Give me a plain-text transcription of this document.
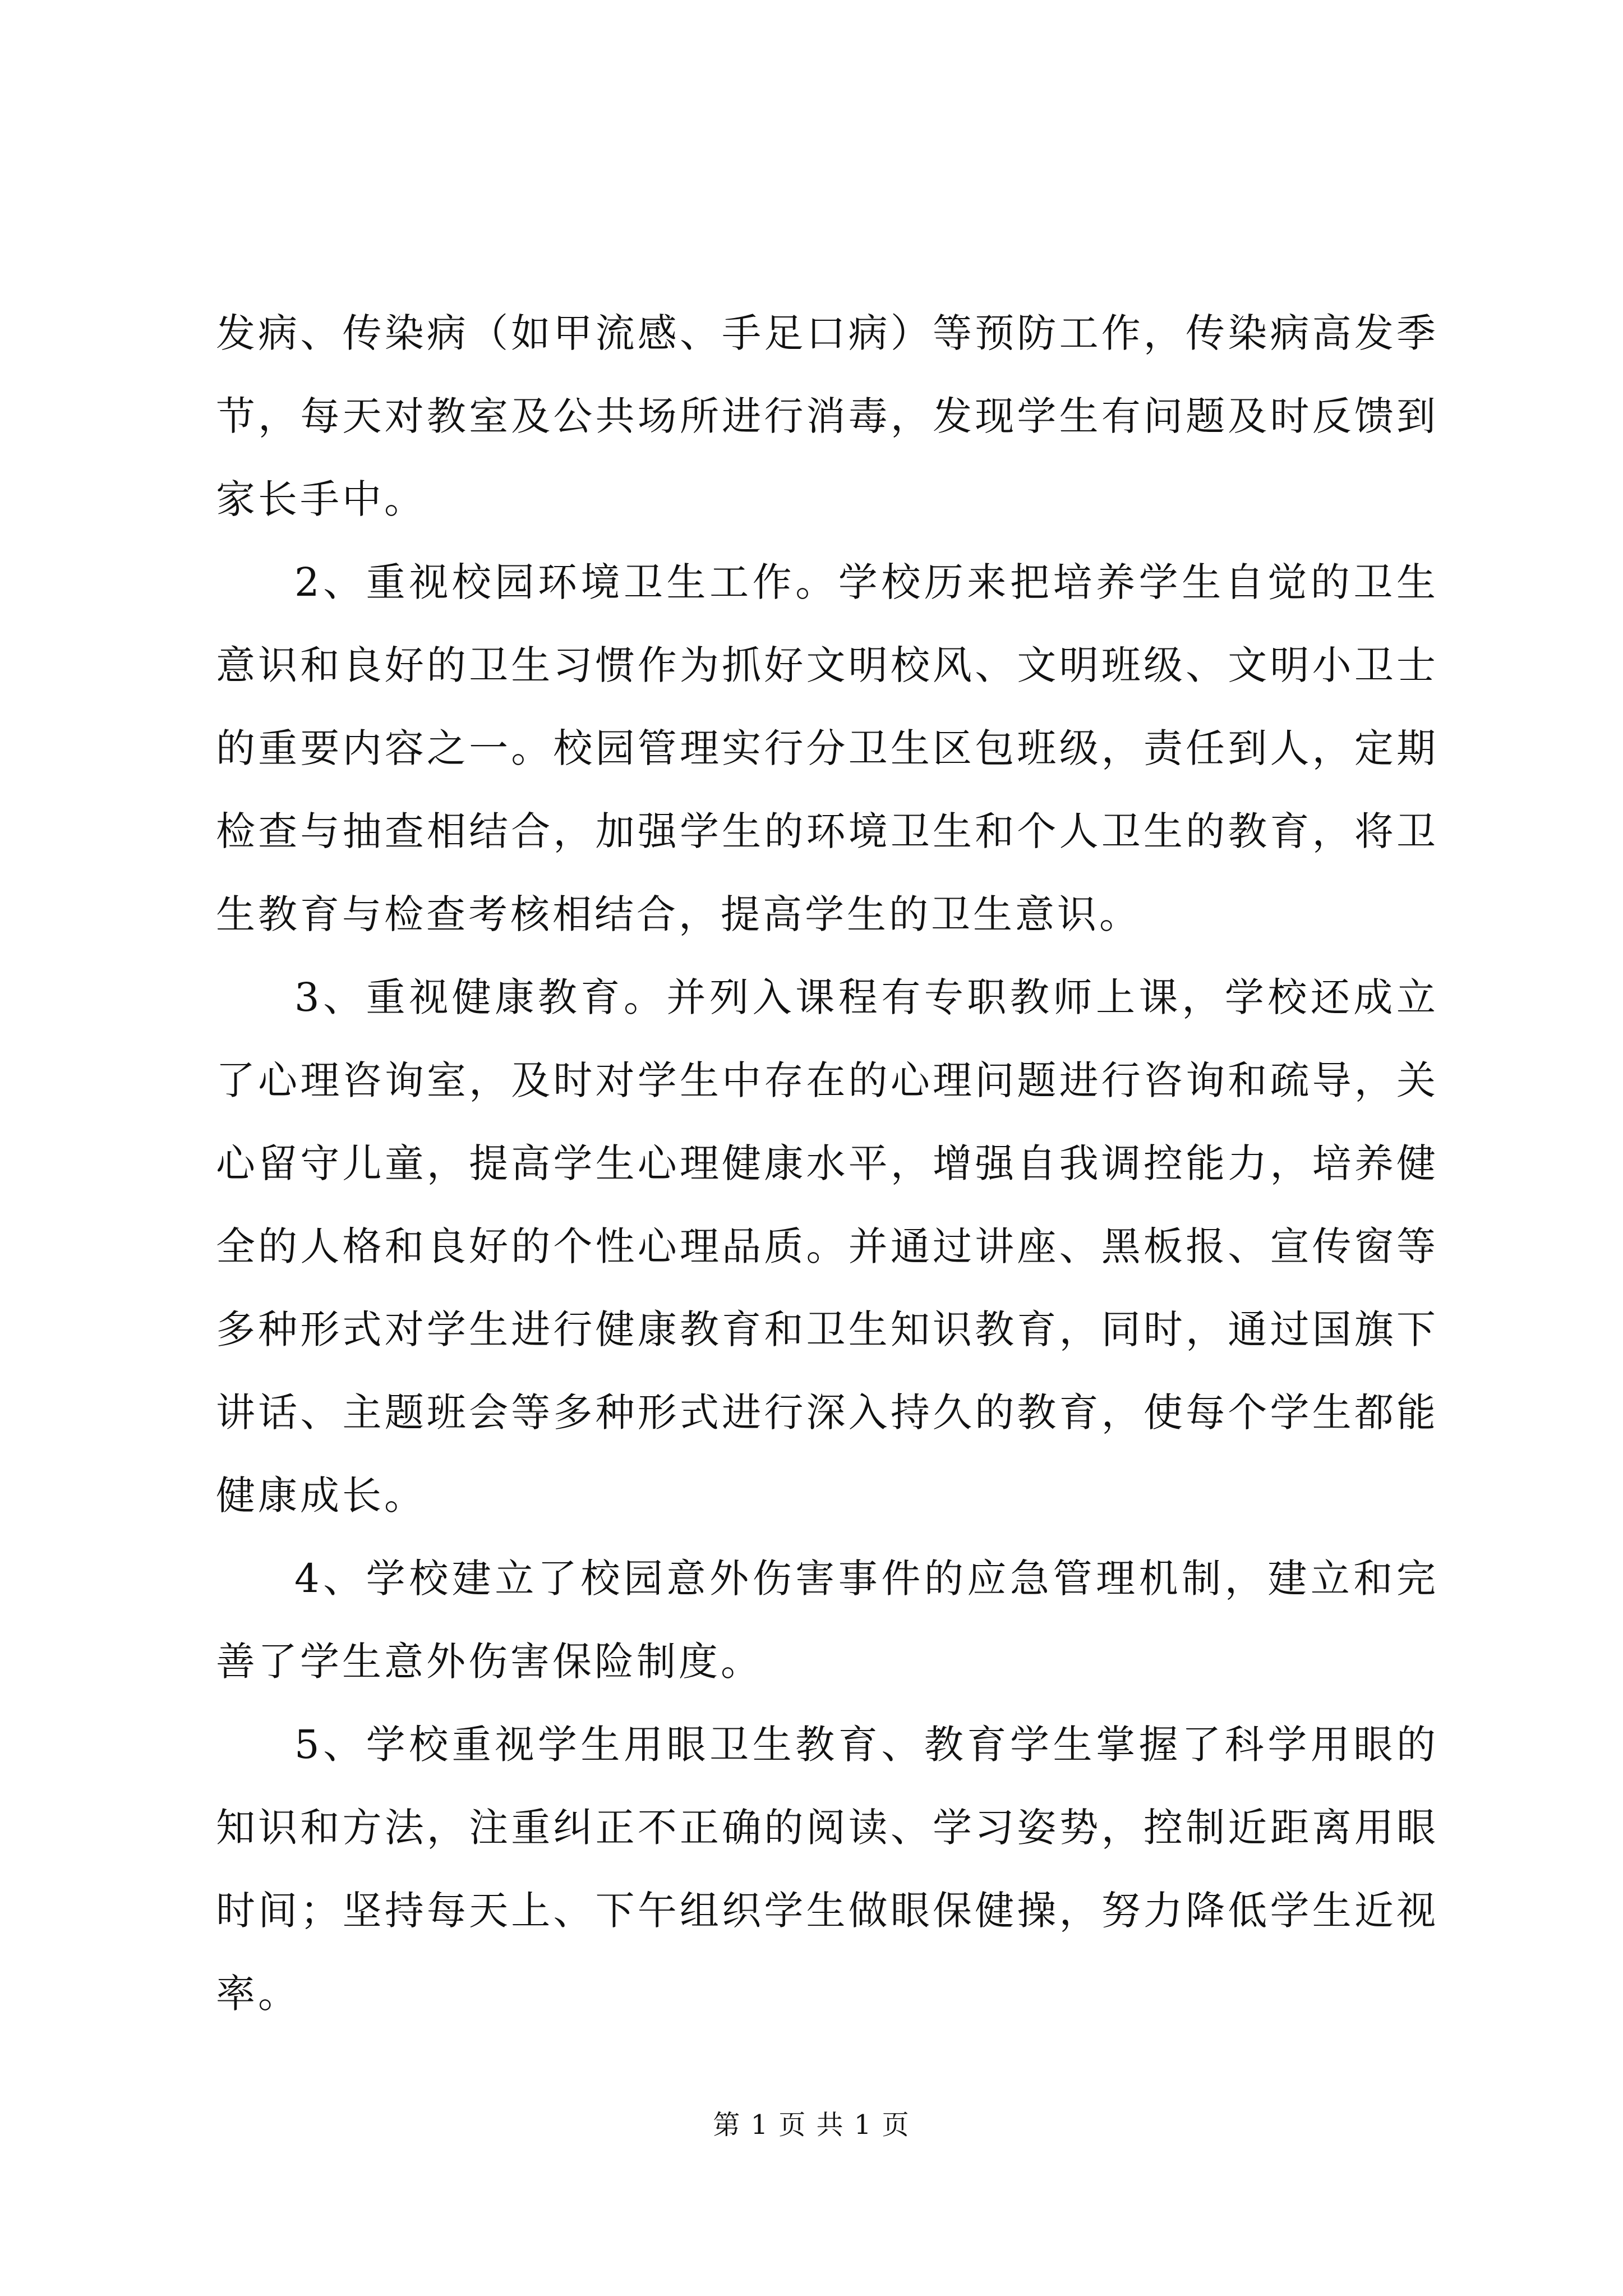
发病、传染病（如甲流感、手足口病）等预防工作，传染病高发季节，每天对教室及公共场所进行消毒，发现学生有问题及时反馈到家长手中。

2、重视校园环境卫生工作。学校历来把培养学生自觉的卫生意识和良好的卫生习惯作为抓好文明校风、文明班级、文明小卫士的重要内容之一。校园管理实行分卫生区包班级，责任到人，定期检查与抽查相结合，加强学生的环境卫生和个人卫生的教育，将卫生教育与检查考核相结合，提高学生的卫生意识。

3、重视健康教育。并列入课程有专职教师上课，学校还成立了心理咨询室，及时对学生中存在的心理问题进行咨询和疏导，关心留守儿童，提高学生心理健康水平，增强自我调控能力，培养健全的人格和良好的个性心理品质。并通过讲座、黑板报、宣传窗等多种形式对学生进行健康教育和卫生知识教育，同时，通过国旗下讲话、主题班会等多种形式进行深入持久的教育，使每个学生都能健康成长。

4、学校建立了校园意外伤害事件的应急管理机制，建立和完善了学生意外伤害保险制度。

5、学校重视学生用眼卫生教育、教育学生掌握了科学用眼的知识和方法，注重纠正不正确的阅读、学习姿势，控制近距离用眼时间；坚持每天上、下午组织学生做眼保健操，努力降低学生近视率。

第 1 页 共 1 页
